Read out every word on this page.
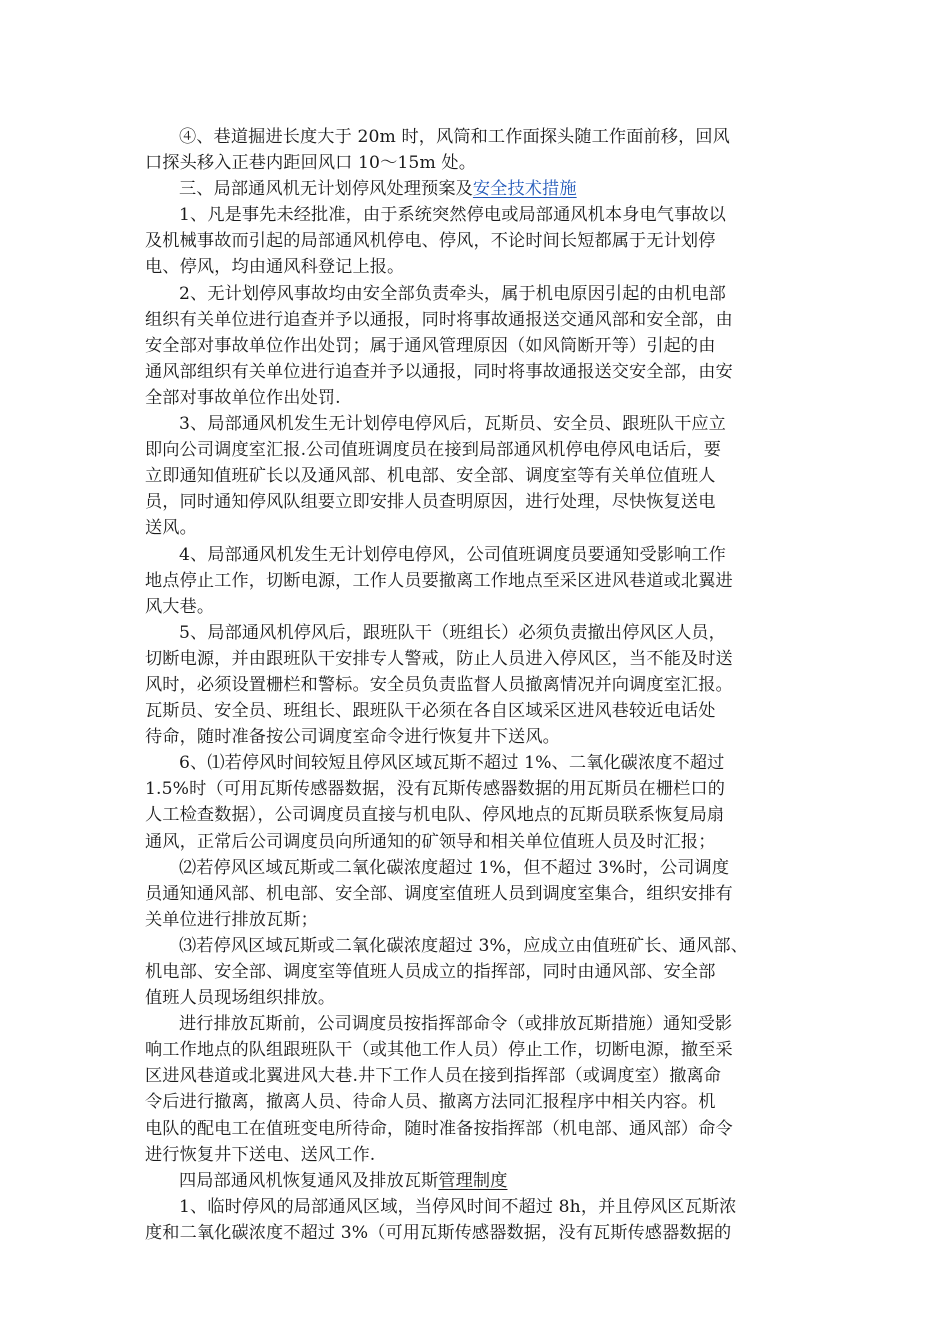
④、巷道掘进长度大于 20m 时，风筒和工作面探头随工作面前移，回风
口探头移入正巷内距回风口 10～15m 处。
三、局部通风机无计划停风处理预案及安全技术措施
1、凡是事先未经批准，由于系统突然停电或局部通风机本身电气事故以
及机械事故而引起的局部通风机停电、停风，不论时间长短都属于无计划停
电、停风，均由通风科登记上报。
2、无计划停风事故均由安全部负责牵头，属于机电原因引起的由机电部
组织有关单位进行追查并予以通报，同时将事故通报送交通风部和安全部，由
安全部对事故单位作出处罚；属于通风管理原因（如风筒断开等）引起的由
通风部组织有关单位进行追查并予以通报，同时将事故通报送交安全部，由安
全部对事故单位作出处罚.
3、局部通风机发生无计划停电停风后，瓦斯员、安全员、跟班队干应立
即向公司调度室汇报.公司值班调度员在接到局部通风机停电停风电话后，要
立即通知值班矿长以及通风部、机电部、安全部、调度室等有关单位值班人
员，同时通知停风队组要立即安排人员查明原因，进行处理，尽快恢复送电
送风。
4、局部通风机发生无计划停电停风，公司值班调度员要通知受影响工作
地点停止工作，切断电源，工作人员要撤离工作地点至采区进风巷道或北翼进
风大巷。
5、局部通风机停风后，跟班队干（班组长）必须负责撤出停风区人员，
切断电源，并由跟班队干安排专人警戒，防止人员进入停风区，当不能及时送
风时，必须设置栅栏和警标。安全员负责监督人员撤离情况并向调度室汇报。
瓦斯员、安全员、班组长、跟班队干必须在各自区域采区进风巷较近电话处
待命，随时准备按公司调度室命令进行恢复井下送风。
6、⑴若停风时间较短且停风区域瓦斯不超过 1%、二氧化碳浓度不超过
1.5%时（可用瓦斯传感器数据，没有瓦斯传感器数据的用瓦斯员在栅栏口的
人工检查数据），公司调度员直接与机电队、停风地点的瓦斯员联系恢复局扇
通风，正常后公司调度员向所通知的矿领导和相关单位值班人员及时汇报；
⑵若停风区域瓦斯或二氧化碳浓度超过 1%，但不超过 3%时，公司调度
员通知通风部、机电部、安全部、调度室值班人员到调度室集合，组织安排有
关单位进行排放瓦斯；
⑶若停风区域瓦斯或二氧化碳浓度超过 3%，应成立由值班矿长、通风部、
机电部、安全部、调度室等值班人员成立的指挥部，同时由通风部、安全部
值班人员现场组织排放。
进行排放瓦斯前，公司调度员按指挥部命令（或排放瓦斯措施）通知受影
响工作地点的队组跟班队干（或其他工作人员）停止工作，切断电源，撤至采
区进风巷道或北翼进风大巷.井下工作人员在接到指挥部（或调度室）撤离命
令后进行撤离，撤离人员、待命人员、撤离方法同汇报程序中相关内容。机
电队的配电工在值班变电所待命，随时准备按指挥部（机电部、通风部）命令
进行恢复井下送电、送风工作.
四局部通风机恢复通风及排放瓦斯管理制度
1、临时停风的局部通风区域，当停风时间不超过 8h，并且停风区瓦斯浓
度和二氧化碳浓度不超过 3%（可用瓦斯传感器数据，没有瓦斯传感器数据的
